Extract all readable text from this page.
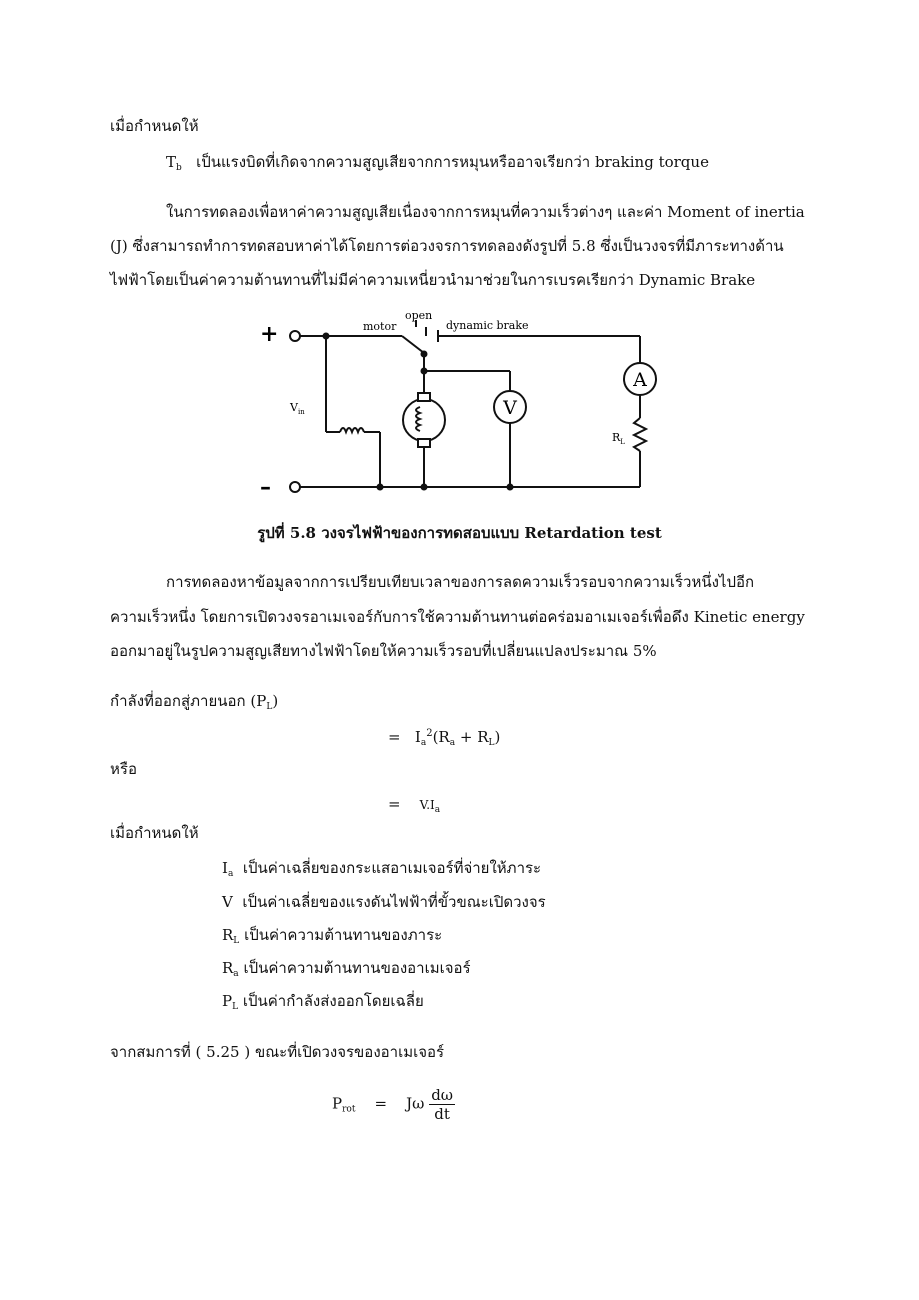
เมื่อกำหนดให้
$T_b$ เป็นแรงบิดที่เกิดจากความสูญเสียจากการหมุนหรืออาจเรียกว่า braking torque
ในการทดลองเพื่อหาค่าความสูญเสียเนื่องจากการหมุนที่ความเร็วต่างๆ และค่า Moment of inertia
(J) ซึ่งสามารถทำการทดสอบหาค่าได้โดยการต่อวงจรการทดลองดังรูปที่ 5.8 ซึ่งเป็นวงจรที่มีภาระทางด้าน
ไฟฟ้าโดยเป็นค่าความต้านทานที่ไม่มีค่าความเหนี่ยวนำมาช่วยในการเบรคเรียกว่า Dynamic Brake
+
–
motor
open
dynamic brake
$V_{in}$
A
V
$R_L$
รูปที่ 5.8 วงจรไฟฟ้าของการทดสอบแบบ Retardation test
การทดลองหาข้อมูลจากการเปรียบเทียบเวลาของการลดความเร็วรอบจากความเร็วหนึ่งไปอีก
ความเร็วหนึ่ง โดยการเปิดวงจรอาเมเจอร์กับการใช้ความต้านทานต่อคร่อมอาเมเจอร์เพื่อดึง Kinetic energy
ออกมาอยู่ในรูปความสูญเสียทางไฟฟ้าโดยให้ความเร็วรอบที่เปลี่ยนแปลงประมาณ 5%
กำลังที่ออกสู่ภายนอก $(P_L)$
= $I_a^2(R_a + R_L)$
หรือ
= $V.I_a$
เมื่อกำหนดให้
$I_a$ เป็นค่าเฉลี่ยของกระแสอาเมเจอร์ที่จ่ายให้ภาระ
V เป็นค่าเฉลี่ยของแรงดันไฟฟ้าที่ขั้วขณะเปิดวงจร
$R_L$ เป็นค่าความต้านทานของภาระ
$R_a$ เป็นค่าความต้านทานของอาเมเจอร์
$P_L$ เป็นค่ากำลังส่งออกโดยเฉลี่ย
จากสมการที่ ( 5.25 ) ขณะที่เปิดวงจรของอาเมเจอร์
$P_{rot} = J\omega \frac{d\omega}{dt}$
